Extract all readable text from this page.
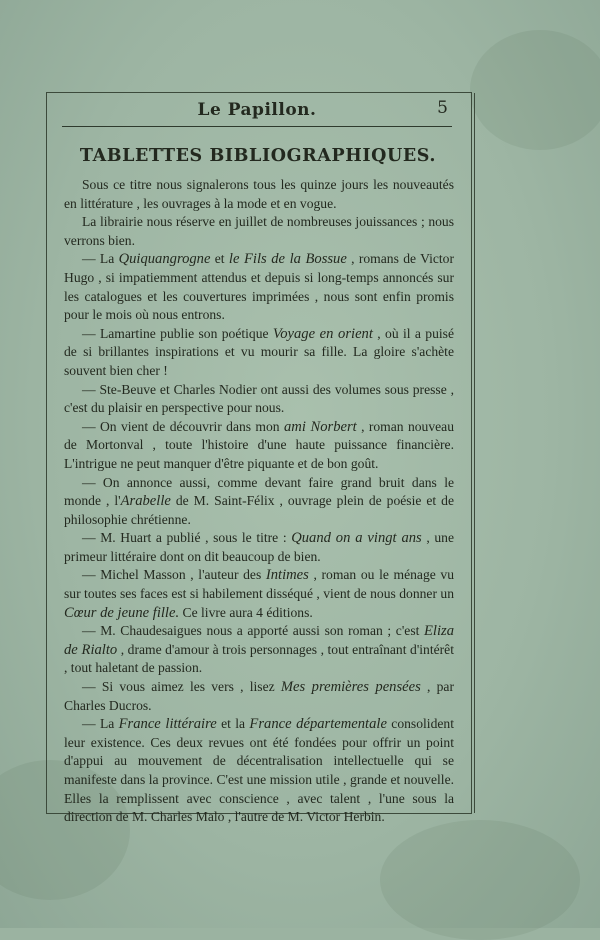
Le Papillon.	5
TABLETTES BIBLIOGRAPHIQUES.

Sous ce titre nous signalerons tous les quinze jours les nouveautés en littérature , les ouvrages à la mode et en vogue.

La librairie nous réserve en juillet de nombreuses jouissances ; nous verrons bien.

— La Quiquangrogne et le Fils de la Bossue , romans de Victor Hugo , si impatiemment attendus et depuis si long-temps annoncés sur les catalogues et les couvertures imprimées , nous sont enfin promis pour le mois où nous entrons.

— Lamartine publie son poétique Voyage en orient , où il a puisé de si brillantes inspirations et vu mourir sa fille. La gloire s'achète souvent bien cher !

— Ste-Beuve et Charles Nodier ont aussi des volumes sous presse , c'est du plaisir en perspective pour nous.

— On vient de découvrir dans mon ami Norbert , roman nouveau de Mortonval , toute l'histoire d'une haute puissance financière. L'intrigue ne peut manquer d'être piquante et de bon goût.

— On annonce aussi, comme devant faire grand bruit dans le monde , l'Arabelle de M. Saint-Félix , ouvrage plein de poésie et de philosophie chrétienne.

— M. Huart a publié , sous le titre : Quand on a vingt ans , une primeur littéraire dont on dit beaucoup de bien.

— Michel Masson , l'auteur des Intimes , roman ou le ménage vu sur toutes ses faces est si habilement disséqué , vient de nous donner un Cœur de jeune fille. Ce livre aura 4 éditions.

— M. Chaudesaigues nous a apporté aussi son roman ; c'est Eliza de Rialto , drame d'amour à trois personnages , tout entraînant d'intérêt , tout haletant de passion.

— Si vous aimez les vers , lisez Mes premières pensées , par Charles Ducros.

— La France littéraire et la France départementale consolident leur existence. Ces deux revues ont été fondées pour offrir un point d'appui au mouvement de décentralisation intellectuelle qui se manifeste dans la province. C'est une mission utile , grande et nouvelle. Elles la remplissent avec conscience , avec talent , l'une sous la direction de M. Charles Malo , l'autre de M. Victor Herbin.
